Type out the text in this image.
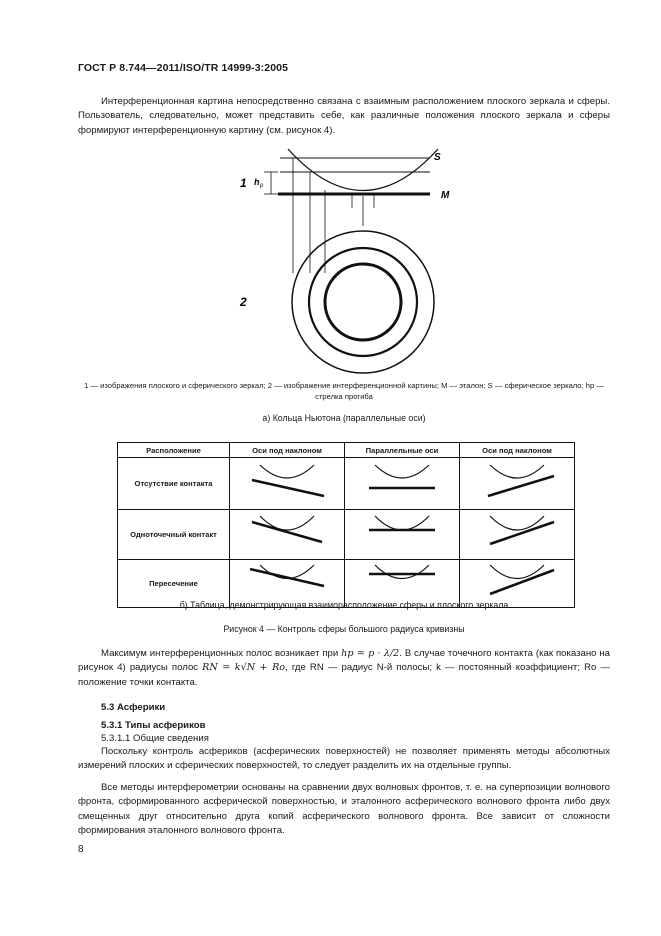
ГОСТ Р 8.744—2011/ISO/TR 14999-3:2005
Интерференционная картина непосредственно связана с взаимным расположением плоского зеркала и сферы. Пользователь, следовательно, может представить себе, как различные положения плоского зеркала и сферы формируют интерференционную картину (см. рисунок 4).
S
M
1 h p
2
1 — изображения плоского и сферического зеркал; 2 — изображение интерференционной картины; M — эталон; S — сферическое зеркало; hp — стрелка прогиба
а) Кольца Ньютона (параллельные оси)
Расположение	Оси под наклоном	Параллельные оси	Оси под наклоном
Отсутствие контакта			
Одноточечный контакт			
Пересечение			
б) Таблица, демонстрирующая взаиморасположение сферы и плоского зеркала
Рисунок 4 — Контроль сферы большого радиуса кривизны
Максимум интерференционных полос возникает при hp = p · λ/2. В случае точечного контакта (как показано на рисунок 4) радиусы полос RN = k√N + Ro, где RN — радиус N-й полосы; k — постоянный коэффициент; Ro — положение точки контакта.
5.3 Асферики
5.3.1 Типы асфериков
5.3.1.1 Общие сведения
Поскольку контроль асфериков (асферических поверхностей) не позволяет применять методы абсолютных измерений плоских и сферических поверхностей, то следует разделить их на отдельные группы.
Все методы интерферометрии основаны на сравнении двух волновых фронтов, т. е. на суперпозиции волнового фронта, сформированного асферической поверхностью, и эталонного асферического волнового фронта либо двух смещенных друг относительно друга копий асферического волнового фронта. Все зависит от сложности формирования эталонного волнового фронта.
8
